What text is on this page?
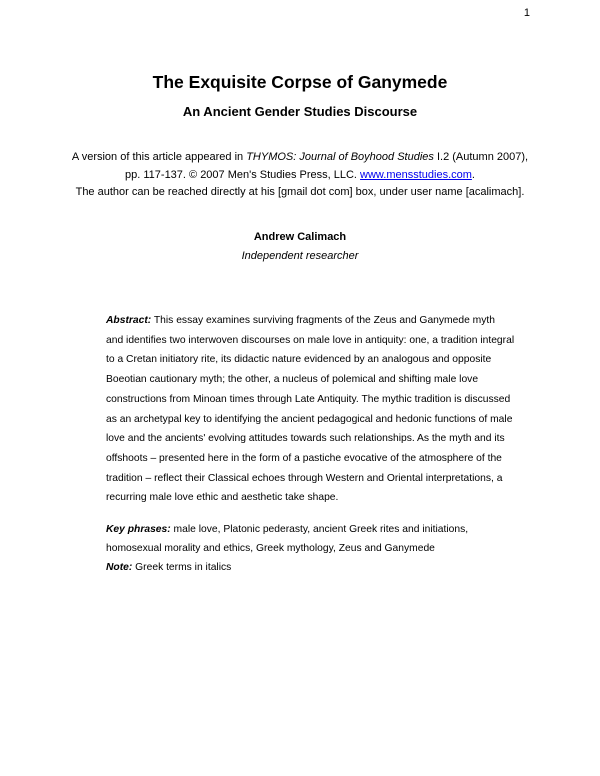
1
The Exquisite Corpse of Ganymede
An Ancient Gender Studies Discourse
A version of this article appeared in THYMOS: Journal of Boyhood Studies I.2 (Autumn 2007),
pp. 117-137. © 2007 Men's Studies Press, LLC. www.mensstudies.com.
The author can be reached directly at his [gmail dot com] box, under user name [acalimach].
Andrew Calimach
Independent researcher
Abstract: This essay examines surviving fragments of the Zeus and Ganymede myth
and identifies two interwoven discourses on male love in antiquity: one, a tradition integral
to a Cretan initiatory rite, its didactic nature evidenced by an analogous and opposite
Boeotian cautionary myth; the other, a nucleus of polemical and shifting male love
constructions from Minoan times through Late Antiquity. The mythic tradition is discussed
as an archetypal key to identifying the ancient pedagogical and hedonic functions of male
love and the ancients' evolving attitudes towards such relationships. As the myth and its
offshoots – presented here in the form of a pastiche evocative of the atmosphere of the
tradition – reflect their Classical echoes through Western and Oriental interpretations, a
recurring male love ethic and aesthetic take shape.
Key phrases: male love, Platonic pederasty, ancient Greek rites and initiations,
homosexual morality and ethics, Greek mythology, Zeus and Ganymede
Note: Greek terms in italics
